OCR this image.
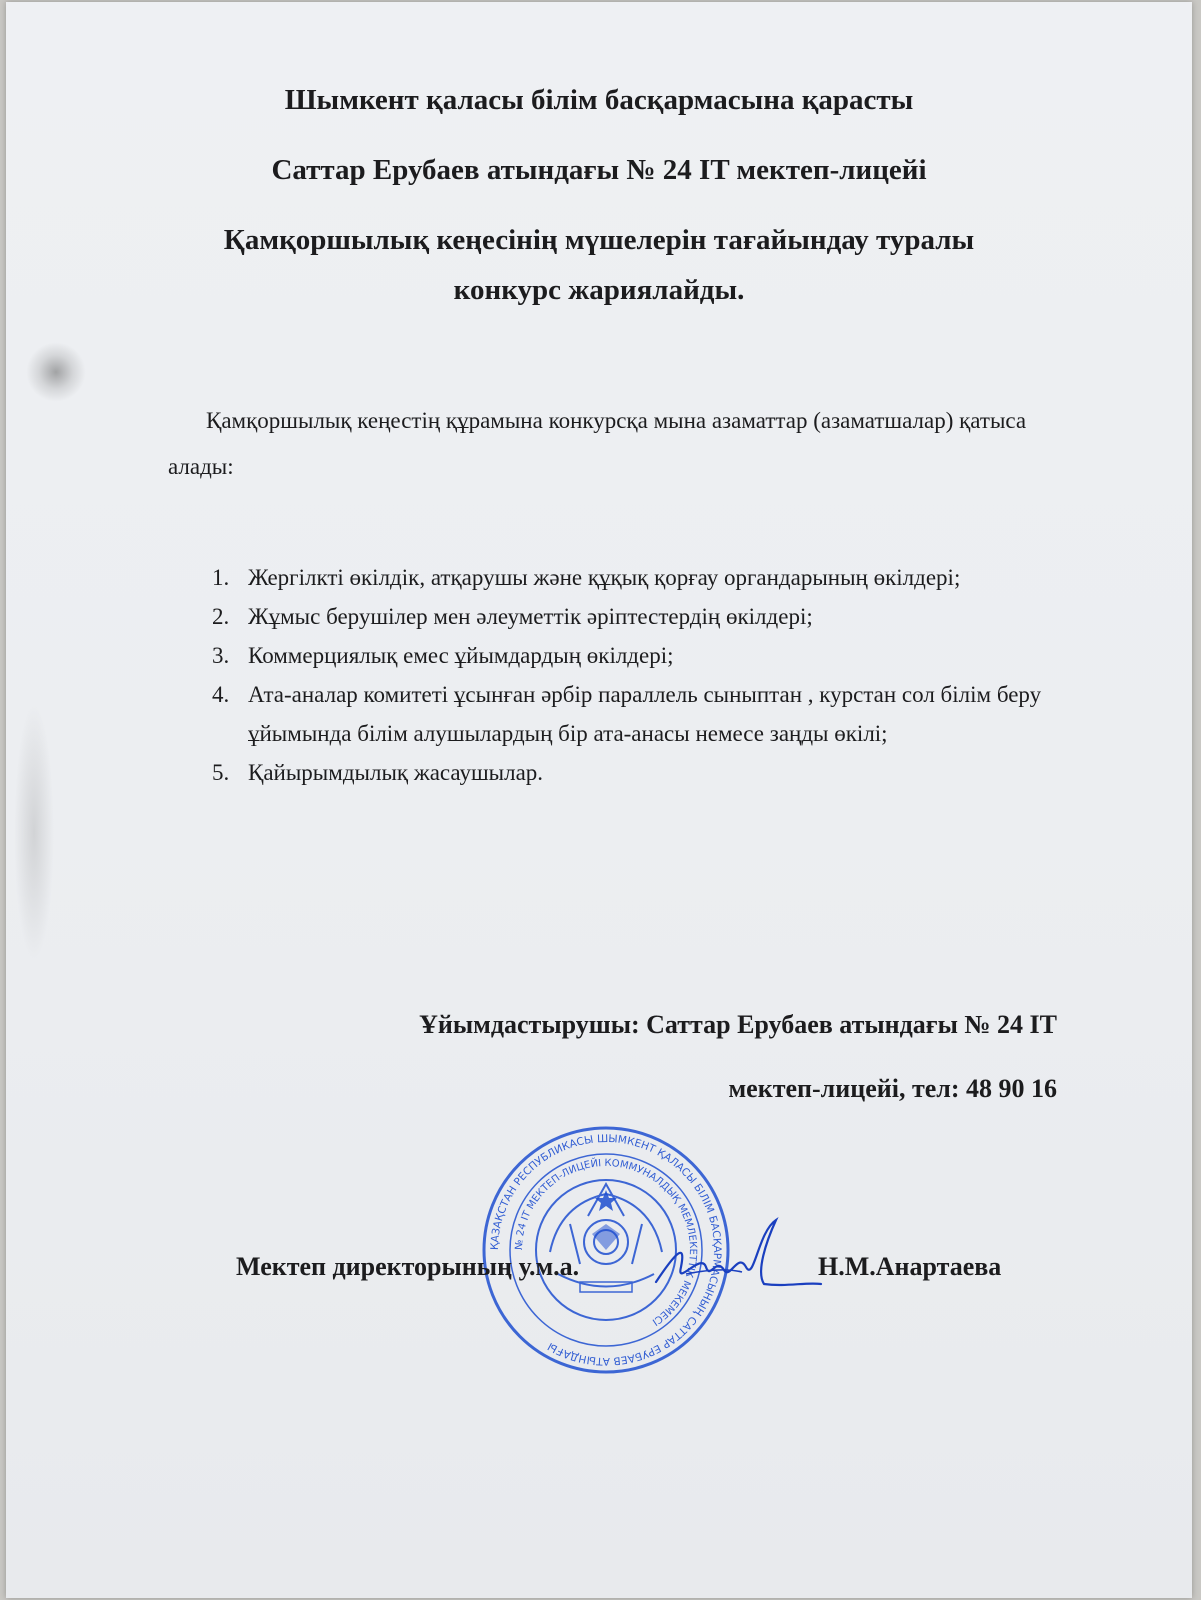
Шымкент қаласы білім басқармасына қарасты
Саттар Ерубаев атындағы № 24 IT мектеп-лицейі
Қамқоршылық кеңесінің мүшелерін тағайындау туралы
конкурс жариялайды.
Қамқоршылық кеңестің құрамына конкурсқа мына азаматтар (азаматшалар) қатыса алады:
1. Жергілкті өкілдік, атқарушы және құқық қорғау органдарының өкілдері;
2. Жұмыс берушілер мен әлеуметтік әріптестердің өкілдері;
3. Коммерциялық емес ұйымдардың өкілдері;
4. Ата-аналар комитеті ұсынған әрбір параллель сыныптан , курстан сол білім беру ұйымында білім алушылардың бір ата-анасы немесе заңды өкілі;
5. Қайырымдылық жасаушылар.
Ұйымдастырушы: Саттар Ерубаев атындағы № 24 IT
мектеп-лицейі, тел: 48 90 16
ҚАЗАҚСТАН РЕСПУБЛИКАСЫ ШЫМКЕНТ ҚАЛАСЫ БІЛІМ БАСҚАРМАСЫНЫҢ САТТАР ЕРУБАЕВ АТЫНДАҒЫ
№ 24 IT МЕКТЕП-ЛИЦЕЙІ КОММУНАЛДЫҚ МЕМЛЕКЕТТІК МЕКЕМЕСІ
Мектеп директорының у.м.а.	Н.М.Анартаева
